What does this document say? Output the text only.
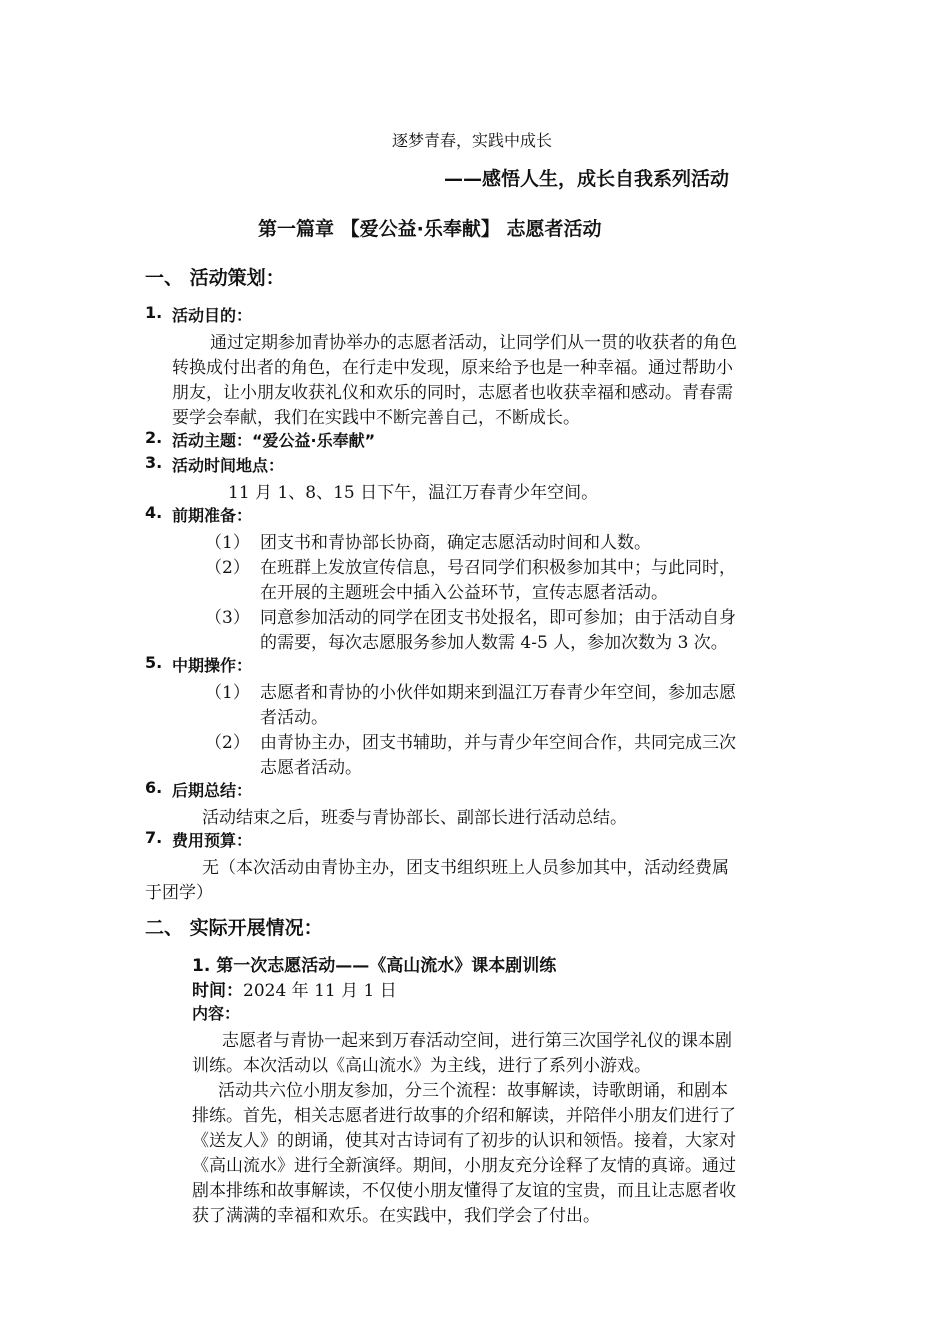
逐梦青春，实践中成长
——感悟人生，成长自我系列活动
第一篇章 【爱公益·乐奉献】 志愿者活动
一、 活动策划：
1. 活动目的：
通过定期参加青协举办的志愿者活动，让同学们从一贯的收获者的角色
转换成付出者的角色，在行走中发现，原来给予也是一种幸福。通过帮助小
朋友，让小朋友收获礼仪和欢乐的同时，志愿者也收获幸福和感动。青春需
要学会奉献，我们在实践中不断完善自己，不断成长。
2. 活动主题：“爱公益·乐奉献”
3. 活动时间地点：
11 月 1、8、15 日下午，温江万春青少年空间。
4. 前期准备：
（1） 团支书和青协部长协商，确定志愿活动时间和人数。
（2） 在班群上发放宣传信息，号召同学们积极参加其中；与此同时，
在开展的主题班会中插入公益环节，宣传志愿者活动。
（3） 同意参加活动的同学在团支书处报名，即可参加；由于活动自身
的需要，每次志愿服务参加人数需 4-5 人，参加次数为 3 次。
5. 中期操作：
（1） 志愿者和青协的小伙伴如期来到温江万春青少年空间，参加志愿
者活动。
（2） 由青协主办，团支书辅助，并与青少年空间合作，共同完成三次
志愿者活动。
6. 后期总结：
活动结束之后，班委与青协部长、副部长进行活动总结。
7. 费用预算：
无（本次活动由青协主办，团支书组织班上人员参加其中，活动经费属
于团学）
二、 实际开展情况：
1. 第一次志愿活动——《高山流水》课本剧训练
时间：2024 年 11 月 1 日
内容：
志愿者与青协一起来到万春活动空间，进行第三次国学礼仪的课本剧
训练。本次活动以《高山流水》为主线，进行了系列小游戏。
活动共六位小朋友参加，分三个流程：故事解读，诗歌朗诵，和剧本
排练。首先，相关志愿者进行故事的介绍和解读，并陪伴小朋友们进行了
《送友人》的朗诵，使其对古诗词有了初步的认识和领悟。接着，大家对
《高山流水》进行全新演绎。期间，小朋友充分诠释了友情的真谛。通过
剧本排练和故事解读，不仅使小朋友懂得了友谊的宝贵，而且让志愿者收
获了满满的幸福和欢乐。在实践中，我们学会了付出。
